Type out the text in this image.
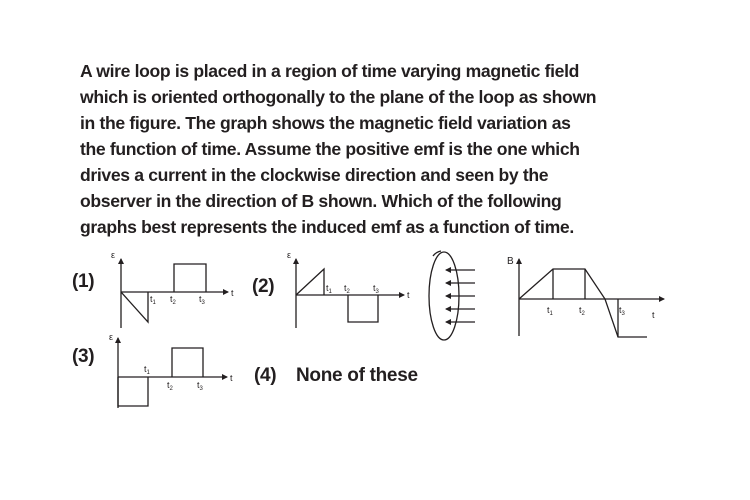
A wire loop is placed in a region of time varying magnetic field
which is oriented orthogonally to the plane of the loop as shown
in the figure. The graph shows the magnetic field variation as
the function of time. Assume the positive emf is the one which
drives a current in the clockwise direction and seen by the
observer in the direction of B shown. Which of the following
graphs best represents the induced emf as a function of time.
(1)	(2)
(3)
(4) None of these
ε
t
$t_1$ $t_2$	$t_3$
ε
t
$t_1$ $t_2$	$t_3$
B
t
$t_1$	$t_2$	$t_3$
ε
t
$t_1$
$t_2$	$t_3$
